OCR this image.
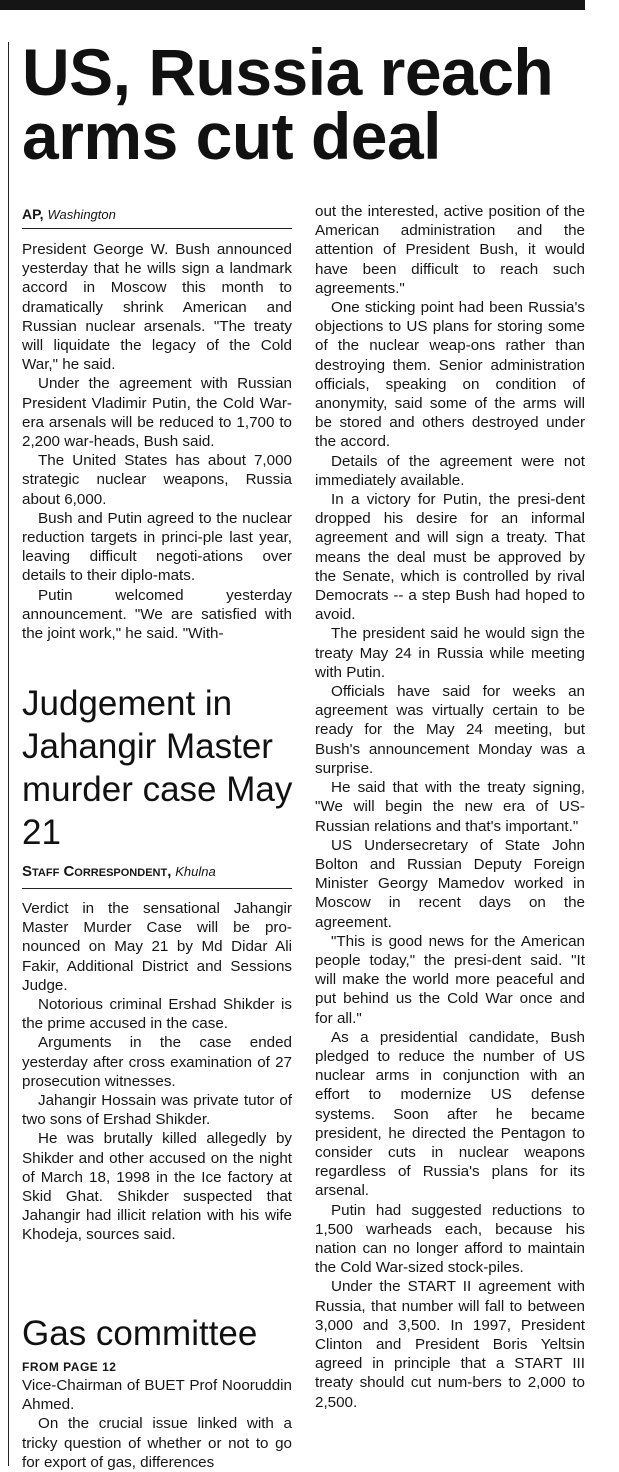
US, Russia reach arms cut deal
AP, Washington

President George W. Bush announced yesterday that he wills sign a landmark accord in Moscow this month to dramatically shrink American and Russian nuclear arsenals. "The treaty will liquidate the legacy of the Cold War," he said.

Under the agreement with Russian President Vladimir Putin, the Cold War-era arsenals will be reduced to 1,700 to 2,200 war-heads, Bush said.

The United States has about 7,000 strategic nuclear weapons, Russia about 6,000.

Bush and Putin agreed to the nuclear reduction targets in princi-ple last year, leaving difficult negoti-ations over details to their diplo-mats.

Putin welcomed yesterday announcement. "We are satisfied with the joint work," he said. "With-

out the interested, active position of the American administration and the attention of President Bush, it would have been difficult to reach such agreements."

One sticking point had been Russia's objections to US plans for storing some of the nuclear weap-ons rather than destroying them. Senior administration officials, speaking on condition of anonymity, said some of the arms will be stored and others destroyed under the accord.

Details of the agreement were not immediately available.

In a victory for Putin, the presi-dent dropped his desire for an informal agreement and will sign a treaty. That means the deal must be approved by the Senate, which is controlled by rival Democrats -- a step Bush had hoped to avoid.

The president said he would sign the treaty May 24 in Russia while meeting with Putin.

Officials have said for weeks an agreement was virtually certain to be ready for the May 24 meeting, but Bush's announcement Monday was a surprise.

He said that with the treaty signing, "We will begin the new era of US-Russian relations and that's important."

US Undersecretary of State John Bolton and Russian Deputy Foreign Minister Georgy Mamedov worked in Moscow in recent days on the agreement.

"This is good news for the American people today," the presi-dent said. "It will make the world more peaceful and put behind us the Cold War once and for all."

As a presidential candidate, Bush pledged to reduce the number of US nuclear arms in conjunction with an effort to modernize US defense systems. Soon after he became president, he directed the Pentagon to consider cuts in nuclear weapons regardless of Russia's plans for its arsenal.

Putin had suggested reductions to 1,500 warheads each, because his nation can no longer afford to maintain the Cold War-sized stock-piles.

Under the START II agreement with Russia, that number will fall to between 3,000 and 3,500. In 1997, President Clinton and President Boris Yeltsin agreed in principle that a START III treaty should cut num-bers to 2,000 to 2,500.

Judgement in Jahangir Master murder case May 21
Staff Correspondent, Khulna

Verdict in the sensational Jahangir Master Murder Case will be pro-nounced on May 21 by Md Didar Ali Fakir, Additional District and Sessions Judge.

Notorious criminal Ershad Shikder is the prime accused in the case.

Arguments in the case ended yesterday after cross examination of 27 prosecution witnesses.

Jahangir Hossain was private tutor of two sons of Ershad Shikder.

He was brutally killed allegedly by Shikder and other accused on the night of March 18, 1998 in the Ice factory at Skid Ghat. Shikder suspected that Jahangir had illicit relation with his wife Khodeja, sources said.

Gas committee
FROM PAGE 12

Vice-Chairman of BUET Prof Nooruddin Ahmed.

On the crucial issue linked with a tricky question of whether or not to go for export of gas, differences
